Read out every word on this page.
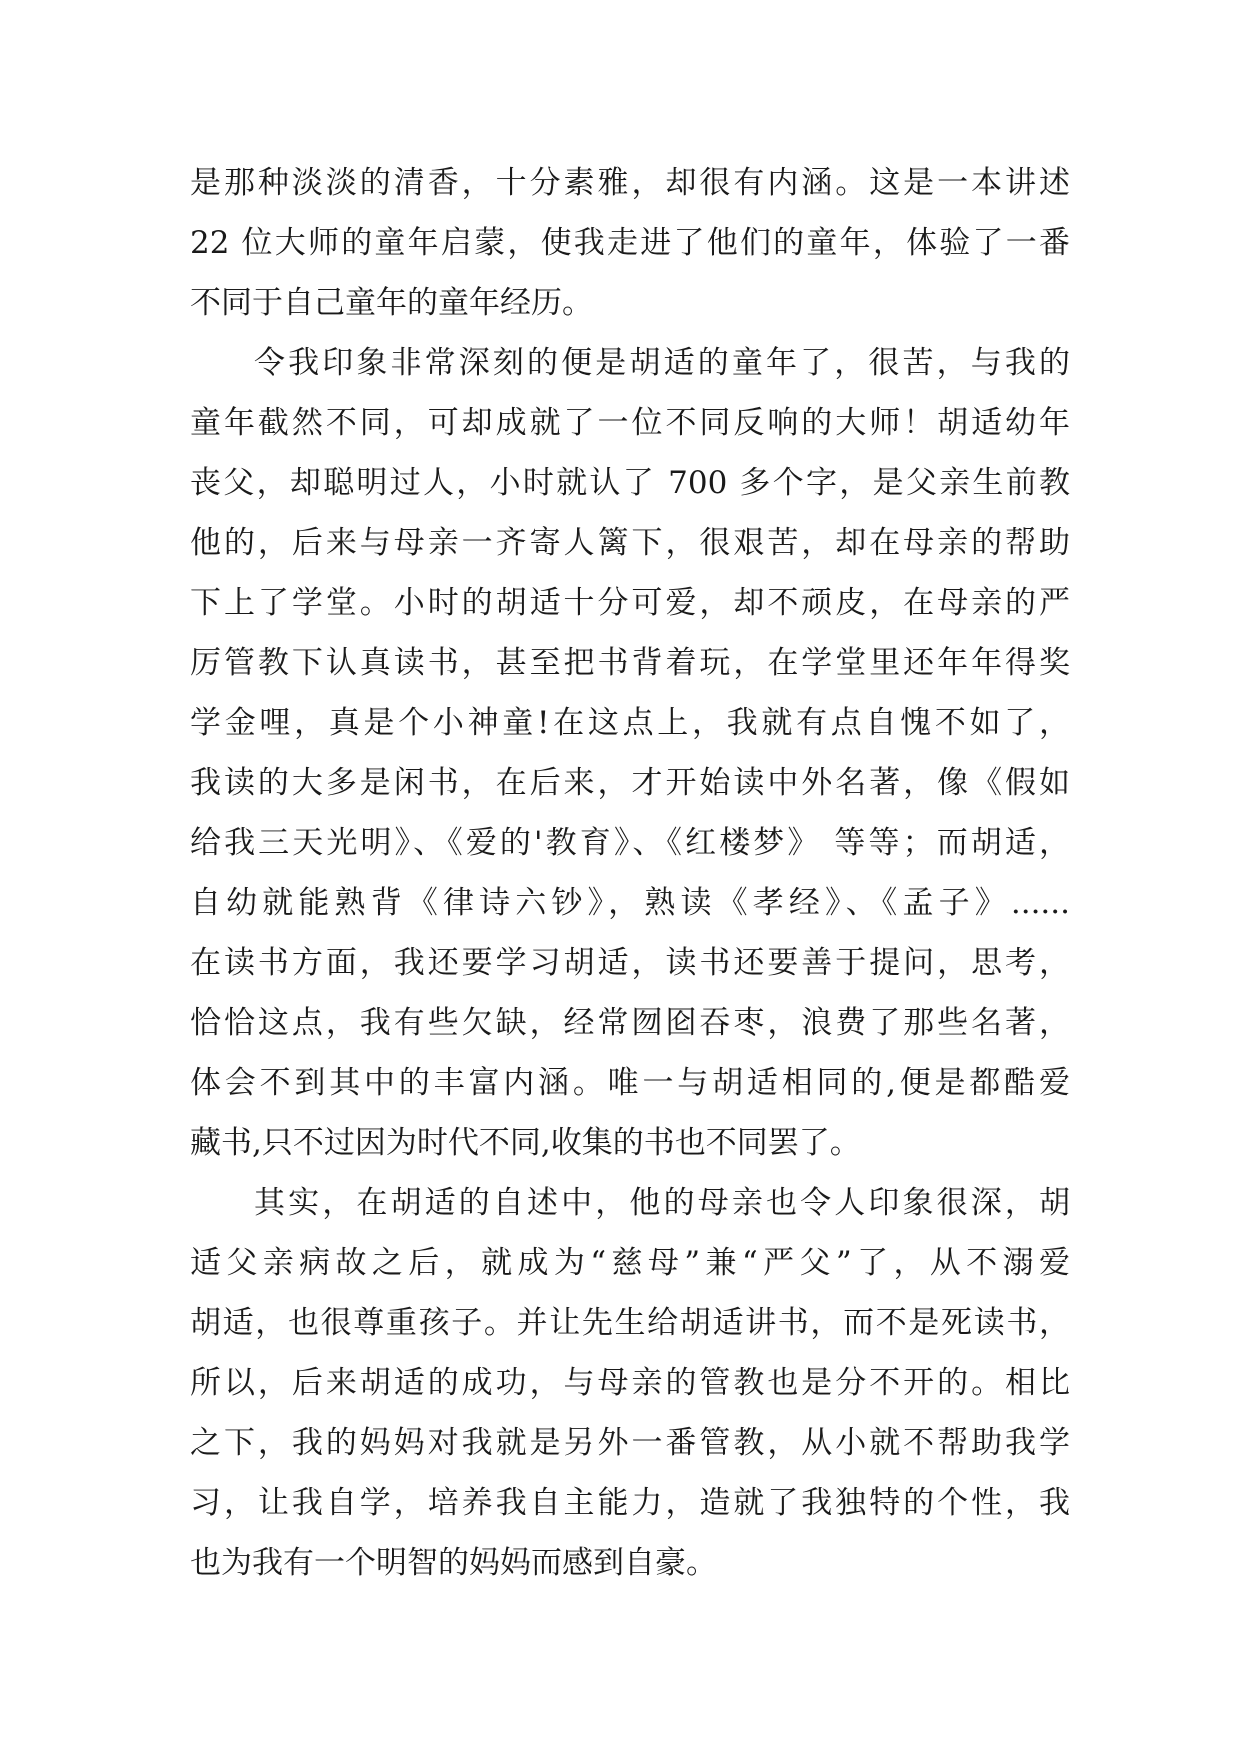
是那种淡淡的清香，十分素雅，却很有内涵。这是一本讲述
22 位大师的童年启蒙，使我走进了他们的童年，体验了一番
不同于自己童年的童年经历。
令我印象非常深刻的便是胡适的童年了，很苦，与我的
童年截然不同，可却成就了一位不同反响的大师！胡适幼年
丧父，却聪明过人，小时就认了 700 多个字，是父亲生前教
他的，后来与母亲一齐寄人篱下，很艰苦，却在母亲的帮助
下上了学堂。小时的胡适十分可爱，却不顽皮，在母亲的严
厉管教下认真读书，甚至把书背着玩，在学堂里还年年得奖
学金哩，真是个小神童!在这点上，我就有点自愧不如了，
我读的大多是闲书，在后来，才开始读中外名著，像《假如
给我三天光明》、《爱的'教育》、《红楼梦》 等等；而胡适，
自幼就能熟背《律诗六钞》，熟读《孝经》、《孟子》......
在读书方面，我还要学习胡适，读书还要善于提问，思考，
恰恰这点，我有些欠缺，经常囫囵吞枣，浪费了那些名著，
体会不到其中的丰富内涵。唯一与胡适相同的,便是都酷爱
藏书,只不过因为时代不同,收集的书也不同罢了。
其实，在胡适的自述中，他的母亲也令人印象很深，胡
适父亲病故之后，就成为“慈母”兼“严父”了，从不溺爱
胡适，也很尊重孩子。并让先生给胡适讲书，而不是死读书，
所以，后来胡适的成功，与母亲的管教也是分不开的。相比
之下，我的妈妈对我就是另外一番管教，从小就不帮助我学
习，让我自学，培养我自主能力，造就了我独特的个性，我
也为我有一个明智的妈妈而感到自豪。
